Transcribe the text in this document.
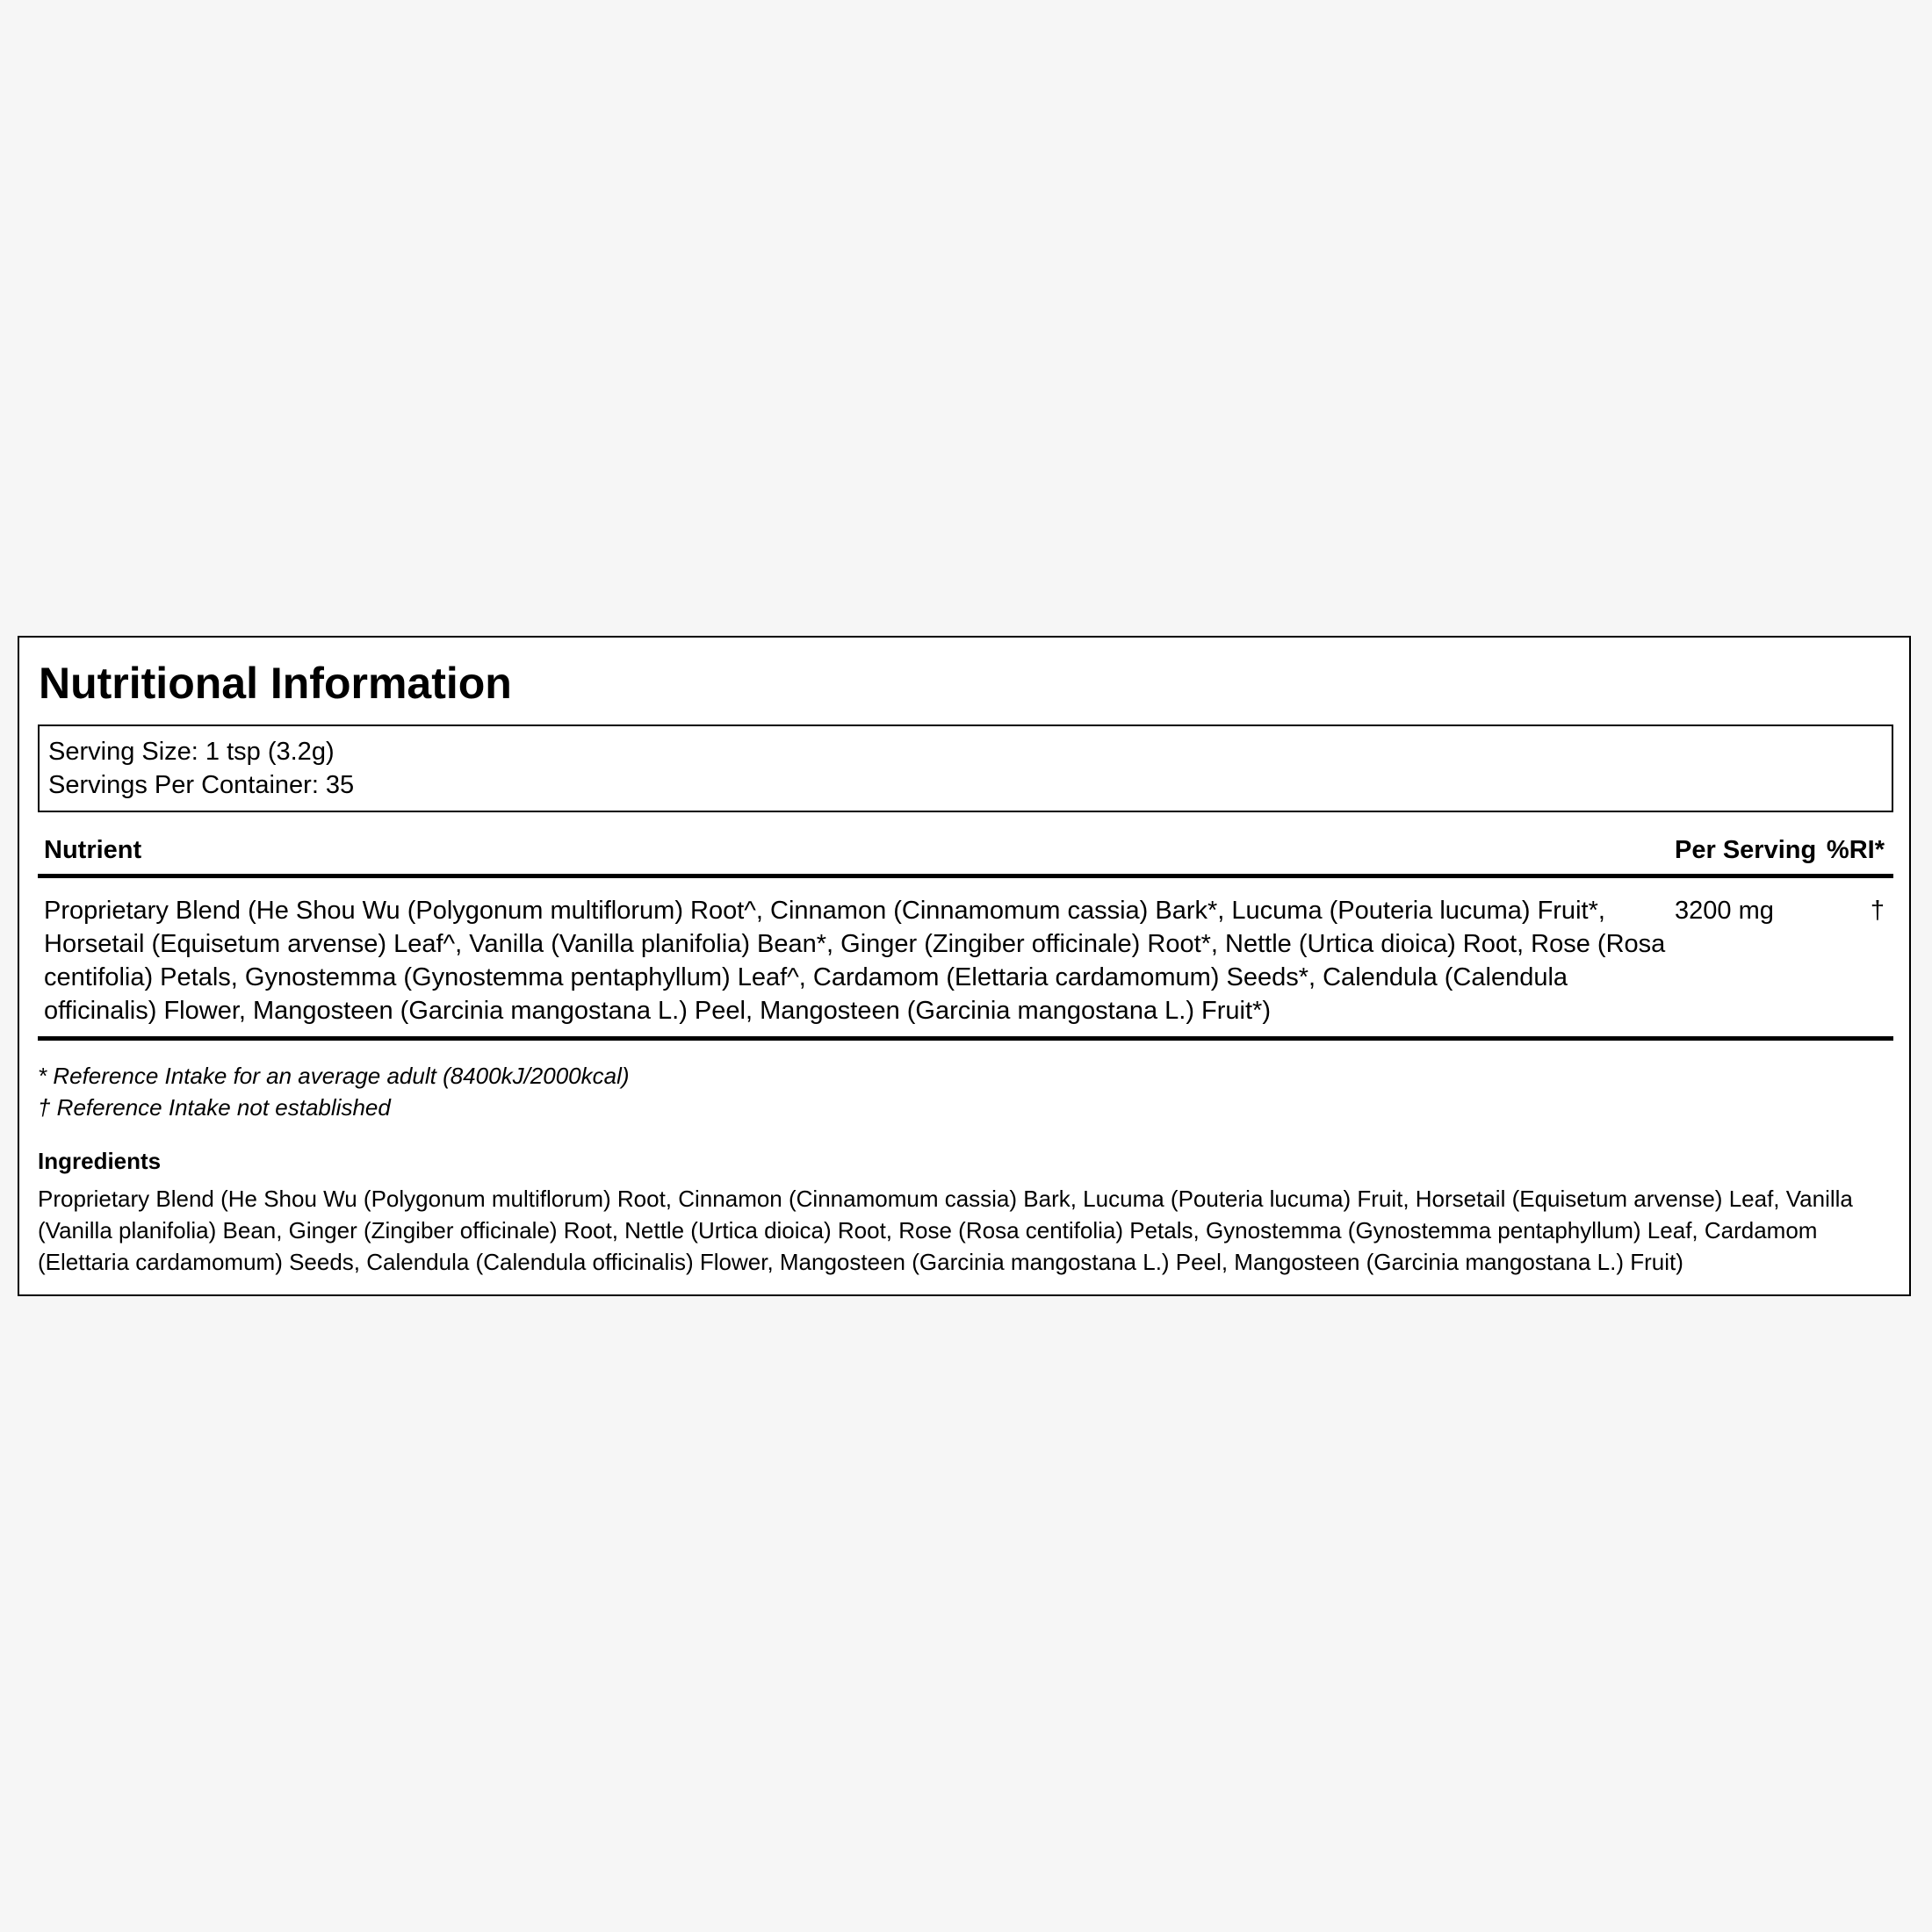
Nutritional Information
Serving Size: 1 tsp (3.2g)
Servings Per Container: 35
Nutrient	Per Serving %RI*
Proprietary Blend (He Shou Wu (Polygonum multiflorum) Root^, Cinnamon (Cinnamomum cassia) Bark*, Lucuma (Pouteria lucuma) Fruit*, Horsetail (Equisetum arvense) Leaf^, Vanilla (Vanilla planifolia) Bean*, Ginger (Zingiber officinale) Root*, Nettle (Urtica dioica) Root, Rose (Rosa centifolia) Petals, Gynostemma (Gynostemma pentaphyllum) Leaf^, Cardamom (Elettaria cardamomum) Seeds*, Calendula (Calendula officinalis) Flower, Mangosteen (Garcinia mangostana L.) Peel, Mangosteen (Garcinia mangostana L.) Fruit*)
3200 mg	†
* Reference Intake for an average adult (8400kJ/2000kcal)
† Reference Intake not established
Ingredients
Proprietary Blend (He Shou Wu (Polygonum multiflorum) Root, Cinnamon (Cinnamomum cassia) Bark, Lucuma (Pouteria lucuma) Fruit, Horsetail (Equisetum arvense) Leaf, Vanilla (Vanilla planifolia) Bean, Ginger (Zingiber officinale) Root, Nettle (Urtica dioica) Root, Rose (Rosa centifolia) Petals, Gynostemma (Gynostemma pentaphyllum) Leaf, Cardamom (Elettaria cardamomum) Seeds, Calendula (Calendula officinalis) Flower, Mangosteen (Garcinia mangostana L.) Peel, Mangosteen (Garcinia mangostana L.) Fruit)
